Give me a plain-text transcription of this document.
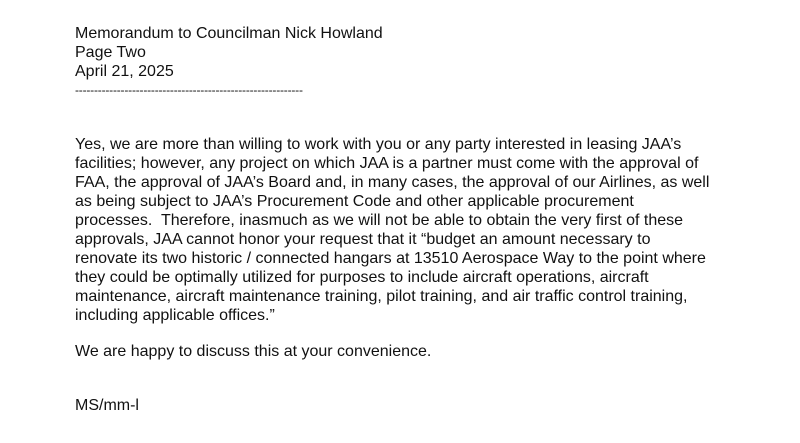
Memorandum to Councilman Nick Howland
Page Two
April 21, 2025
------------------------------------------------------------
Yes, we are more than willing to work with you or any party interested in leasing JAA’s
facilities; however, any project on which JAA is a partner must come with the approval of
FAA, the approval of JAA’s Board and, in many cases, the approval of our Airlines, as well
as being subject to JAA’s Procurement Code and other applicable procurement
processes.  Therefore, inasmuch as we will not be able to obtain the very first of these
approvals, JAA cannot honor your request that it “budget an amount necessary to
renovate its two historic / connected hangars at 13510 Aerospace Way to the point where
they could be optimally utilized for purposes to include aircraft operations, aircraft
maintenance, aircraft maintenance training, pilot training, and air traffic control training,
including applicable offices.”
We are happy to discuss this at your convenience.
MS/mm-l
